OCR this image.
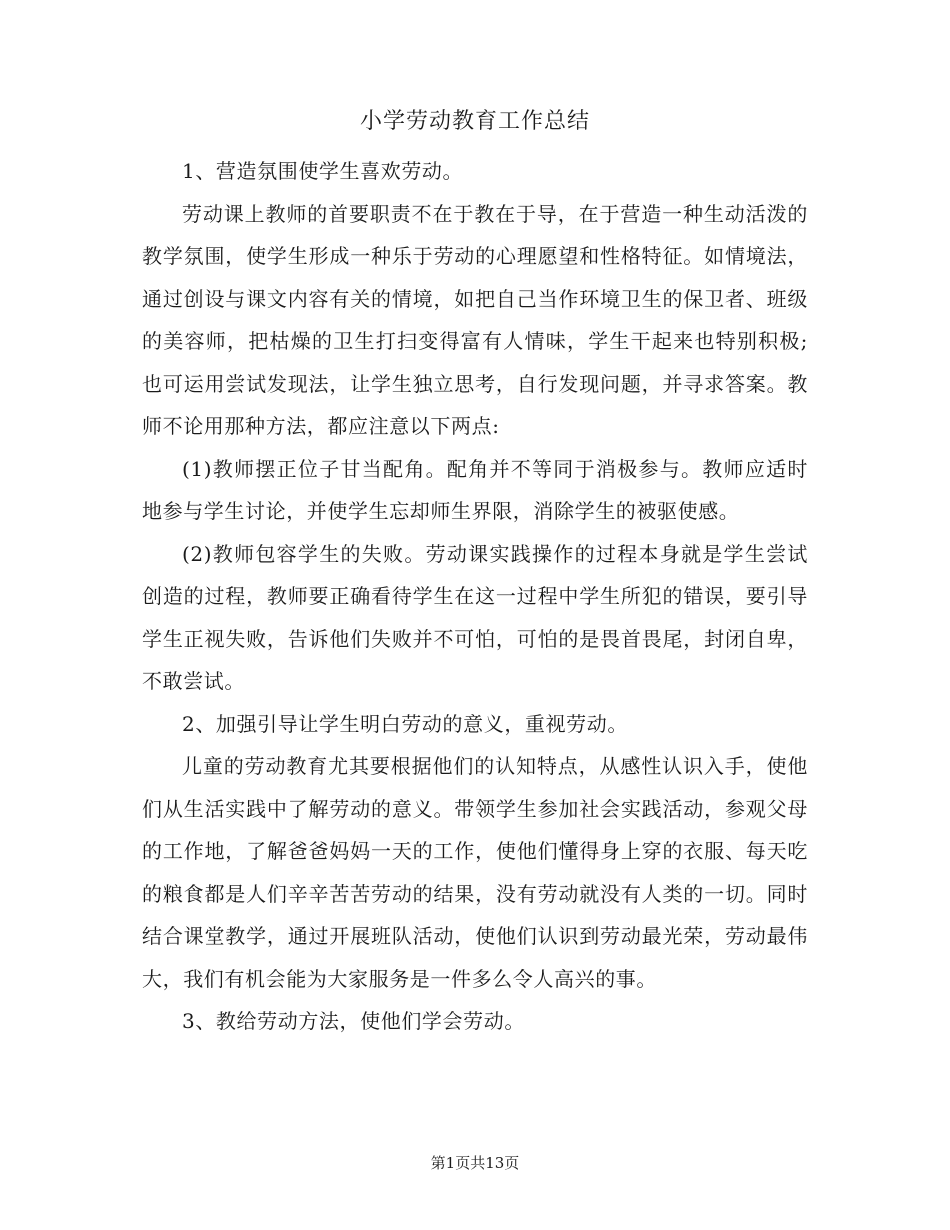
小学劳动教育工作总结

1、营造氛围使学生喜欢劳动。

劳动课上教师的首要职责不在于教在于导，在于营造一种生动活泼的教学氛围，使学生形成一种乐于劳动的心理愿望和性格特征。如情境法，通过创设与课文内容有关的情境，如把自己当作环境卫生的保卫者、班级的美容师，把枯燥的卫生打扫变得富有人情味，学生干起来也特别积极;也可运用尝试发现法，让学生独立思考，自行发现问题，并寻求答案。教师不论用那种方法，都应注意以下两点:

(1)教师摆正位子甘当配角。配角并不等同于消极参与。教师应适时地参与学生讨论，并使学生忘却师生界限，消除学生的被驱使感。

(2)教师包容学生的失败。劳动课实践操作的过程本身就是学生尝试创造的过程，教师要正确看待学生在这一过程中学生所犯的错误，要引导学生正视失败，告诉他们失败并不可怕，可怕的是畏首畏尾，封闭自卑，不敢尝试。

2、加强引导让学生明白劳动的意义，重视劳动。

儿童的劳动教育尤其要根据他们的认知特点，从感性认识入手，使他们从生活实践中了解劳动的意义。带领学生参加社会实践活动，参观父母的工作地，了解爸爸妈妈一天的工作，使他们懂得身上穿的衣服、每天吃的粮食都是人们辛辛苦苦劳动的结果，没有劳动就没有人类的一切。同时结合课堂教学，通过开展班队活动，使他们认识到劳动最光荣，劳动最伟大，我们有机会能为大家服务是一件多么令人高兴的事。

3、教给劳动方法，使他们学会劳动。

第1页共13页
